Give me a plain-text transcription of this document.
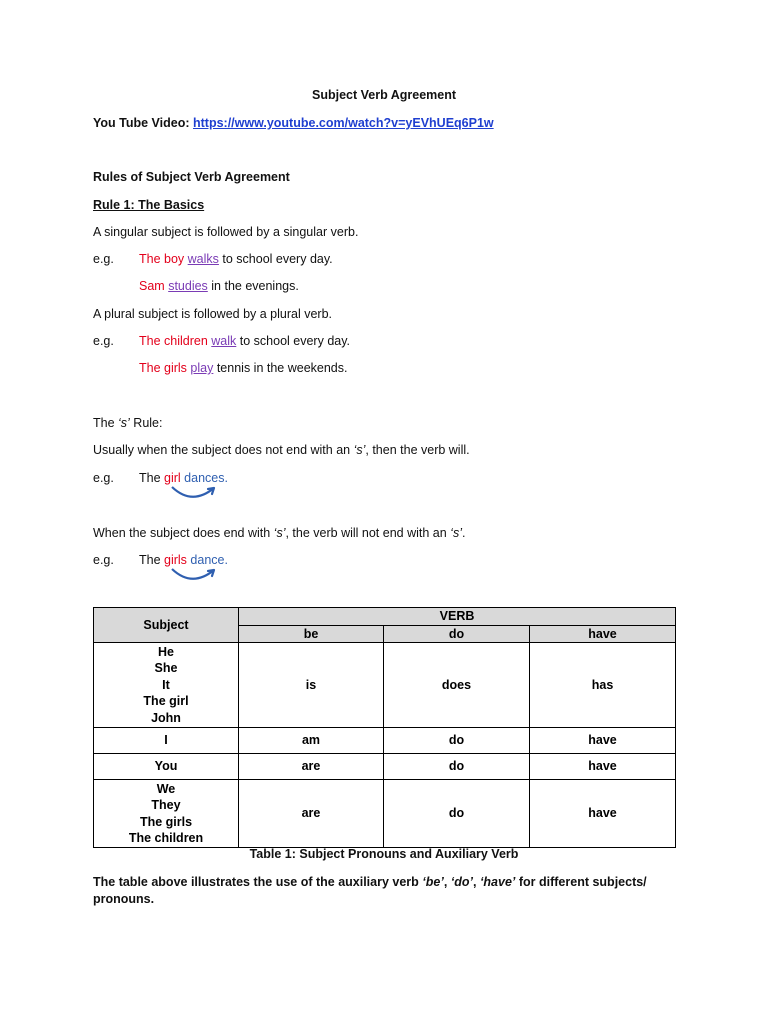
Subject Verb Agreement
You Tube Video: https://www.youtube.com/watch?v=yEVhUEq6P1w
Rules of Subject Verb Agreement
Rule 1: The Basics
A singular subject is followed by a singular verb.
e.g. The boy walks to school every day.
Sam studies in the evenings.
A plural subject is followed by a plural verb.
e.g. The children walk to school every day.
The girls play tennis in the weekends.
The ‘s’ Rule:
Usually when the subject does not end with an ‘s’, then the verb will.
e.g. The girl dances.
When the subject does end with ‘s’, the verb will not end with an ‘s’.
e.g. The girls dance.
Subject	VERB		
	be	do	have

He
She
It
The girl
John	is	does	has

I	am	do	have

You	are	do	have

We
They
The girls
The children	are	do	have
Table 1: Subject Pronouns and Auxiliary Verb
The table above illustrates the use of the auxiliary verb ‘be’, ‘do’, ‘have’ for different subjects/ pronouns.
